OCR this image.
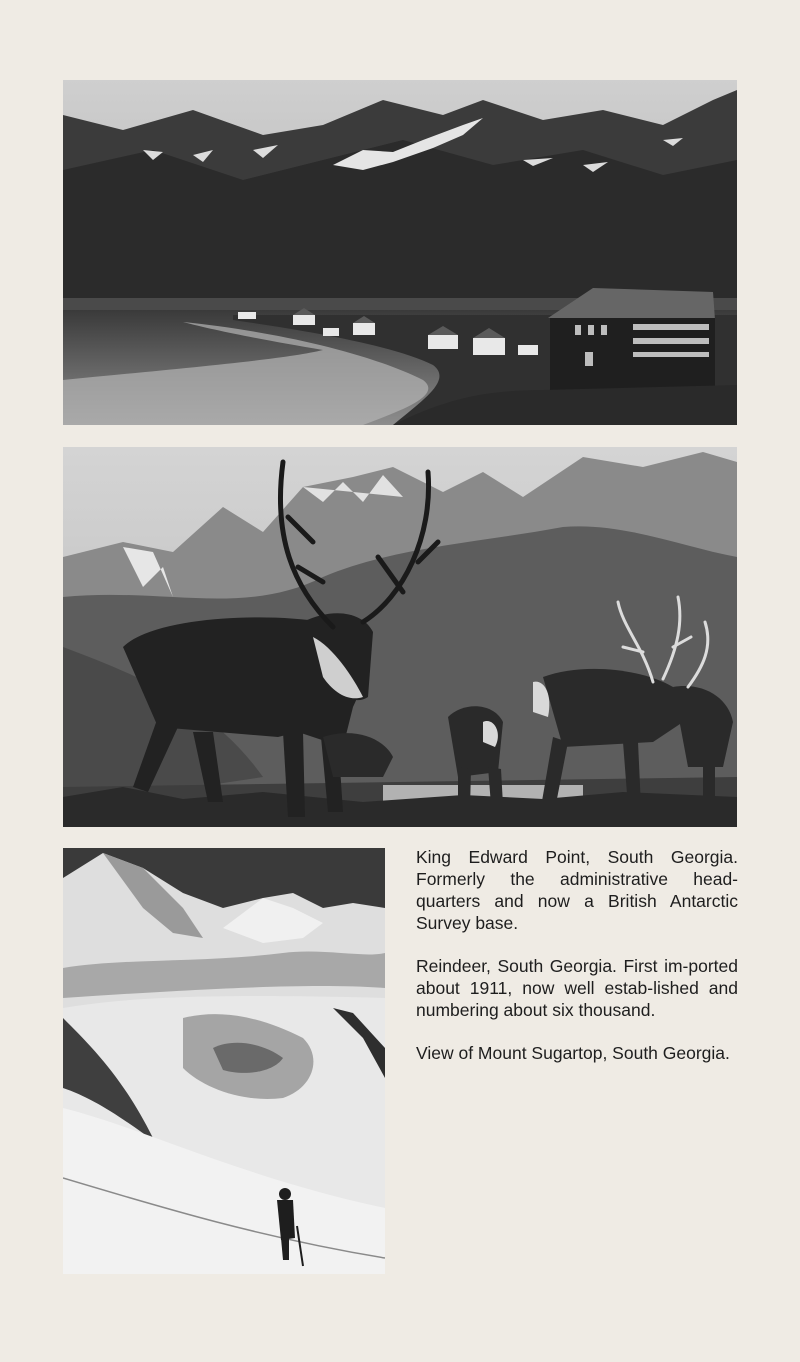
King Edward Point, South Georgia. Formerly the administrative head-quarters and now a British Antarctic Survey base.

Reindeer, South Georgia. First im-ported about 1911, now well estab-lished and numbering about six thousand.

View of Mount Sugartop, South Georgia.
